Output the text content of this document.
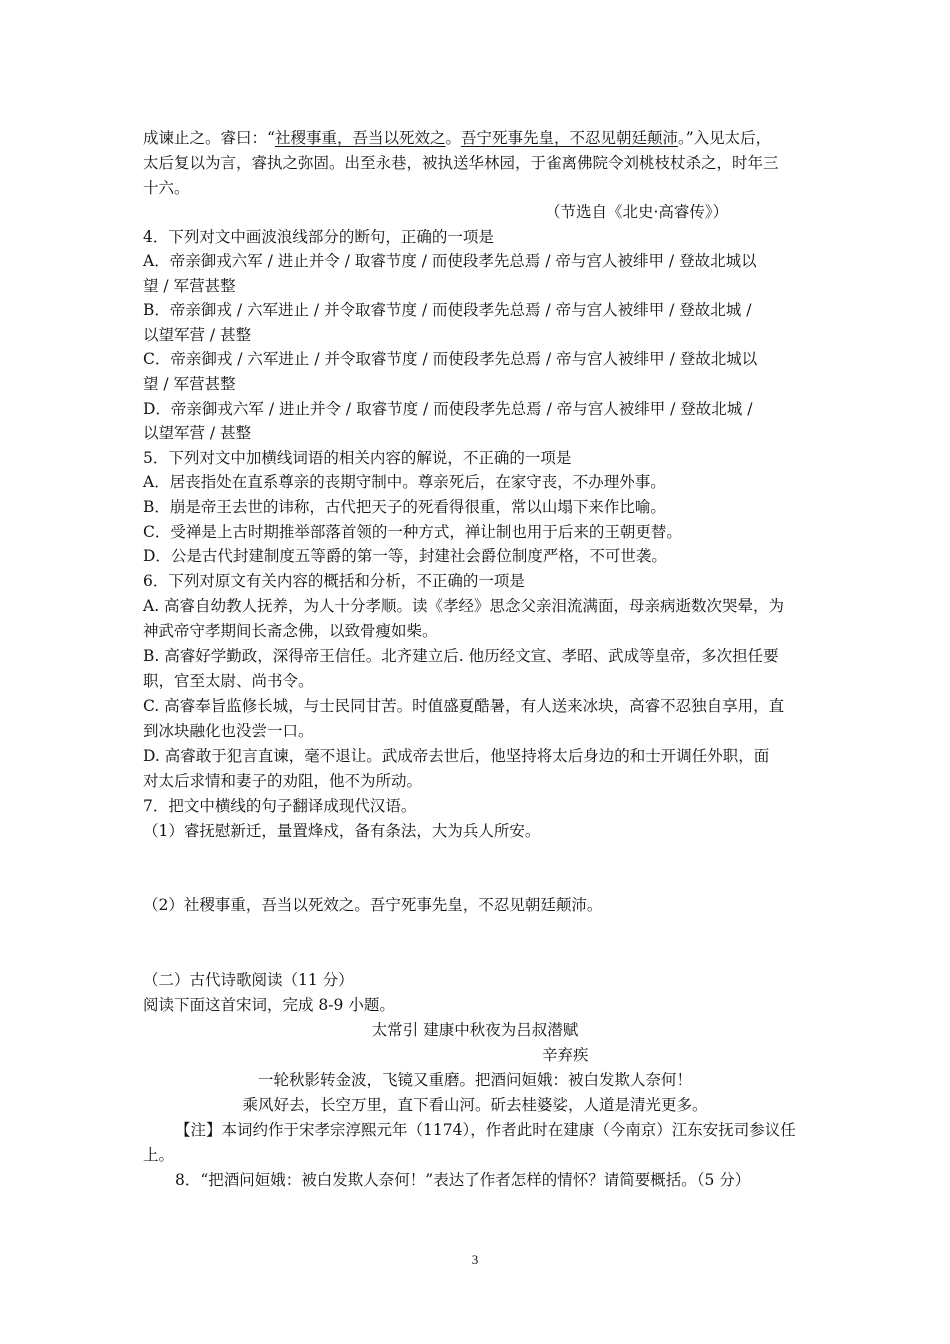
成谏止之。睿曰：“社稷事重，吾当以死效之。吾宁死事先皇，不忍见朝廷颠沛。”入见太后，
太后复以为言，睿执之弥固。出至永巷，被执送华林园，于雀离佛院令刘桃枝杖杀之，时年三
十六。
（节选自《北史·高睿传》）
4．下列对文中画波浪线部分的断句，正确的一项是
A．帝亲御戎六军 / 进止并令 / 取睿节度 / 而使段孝先总焉 / 帝与宫人被绯甲 / 登故北城以
望 / 军营甚整
B．帝亲御戎 / 六军进止 / 并令取睿节度 / 而使段孝先总焉 / 帝与宫人被绯甲 / 登故北城 /
以望军营 / 甚整
C．帝亲御戎 / 六军进止 / 并令取睿节度 / 而使段孝先总焉 / 帝与宫人被绯甲 / 登故北城以
望 / 军营甚整
D．帝亲御戎六军 / 进止并令 / 取睿节度 / 而使段孝先总焉 / 帝与宫人被绯甲 / 登故北城 /
以望军营 / 甚整
5．下列对文中加横线词语的相关内容的解说，不正确的一项是
A．居丧指处在直系尊亲的丧期守制中。尊亲死后，在家守丧，不办理外事。
B．崩是帝王去世的讳称，古代把天子的死看得很重，常以山塌下来作比喻。
C．受禅是上古时期推举部落首领的一种方式，禅让制也用于后来的王朝更替。
D．公是古代封建制度五等爵的第一等，封建社会爵位制度严格，不可世袭。
6．下列对原文有关内容的概括和分析，不正确的一项是
A. 高睿自幼教人抚养，为人十分孝顺。读《孝经》思念父亲泪流满面，母亲病逝数次哭晕，为
神武帝守孝期间长斋念佛，以致骨瘦如柴。
B. 高睿好学勤政，深得帝王信任。北齐建立后. 他历经文宣、孝昭、武成等皇帝，多次担任要
职，官至太尉、尚书令。
C. 高睿奉旨监修长城，与士民同甘苦。时值盛夏酷暑，有人送来冰块，高睿不忍独自享用，直
到冰块融化也没尝一口。
D. 高睿敢于犯言直谏，毫不退让。武成帝去世后，他坚持将太后身边的和士开调任外职，面
对太后求情和妻子的劝阻，他不为所动。
7．把文中横线的句子翻译成现代汉语。
（1）睿抚慰新迁，量置烽戍，备有条法，大为兵人所安。
（2）社稷事重，吾当以死效之。吾宁死事先皇，不忍见朝廷颠沛。
（二）古代诗歌阅读（11 分）
阅读下面这首宋词，完成 8-9 小题。
太常引 建康中秋夜为吕叔潜赋
辛弃疾
一轮秋影转金波，飞镜又重磨。把酒问姮娥：被白发欺人奈何！
乘风好去，长空万里，直下看山河。斫去桂婆娑，人道是清光更多。
【注】本词约作于宋孝宗淳熙元年（1174），作者此时在建康（今南京）江东安抚司参议任
上。
8．“把酒问姮娥：被白发欺人奈何！”表达了作者怎样的情怀？请简要概括。（5 分）
3
